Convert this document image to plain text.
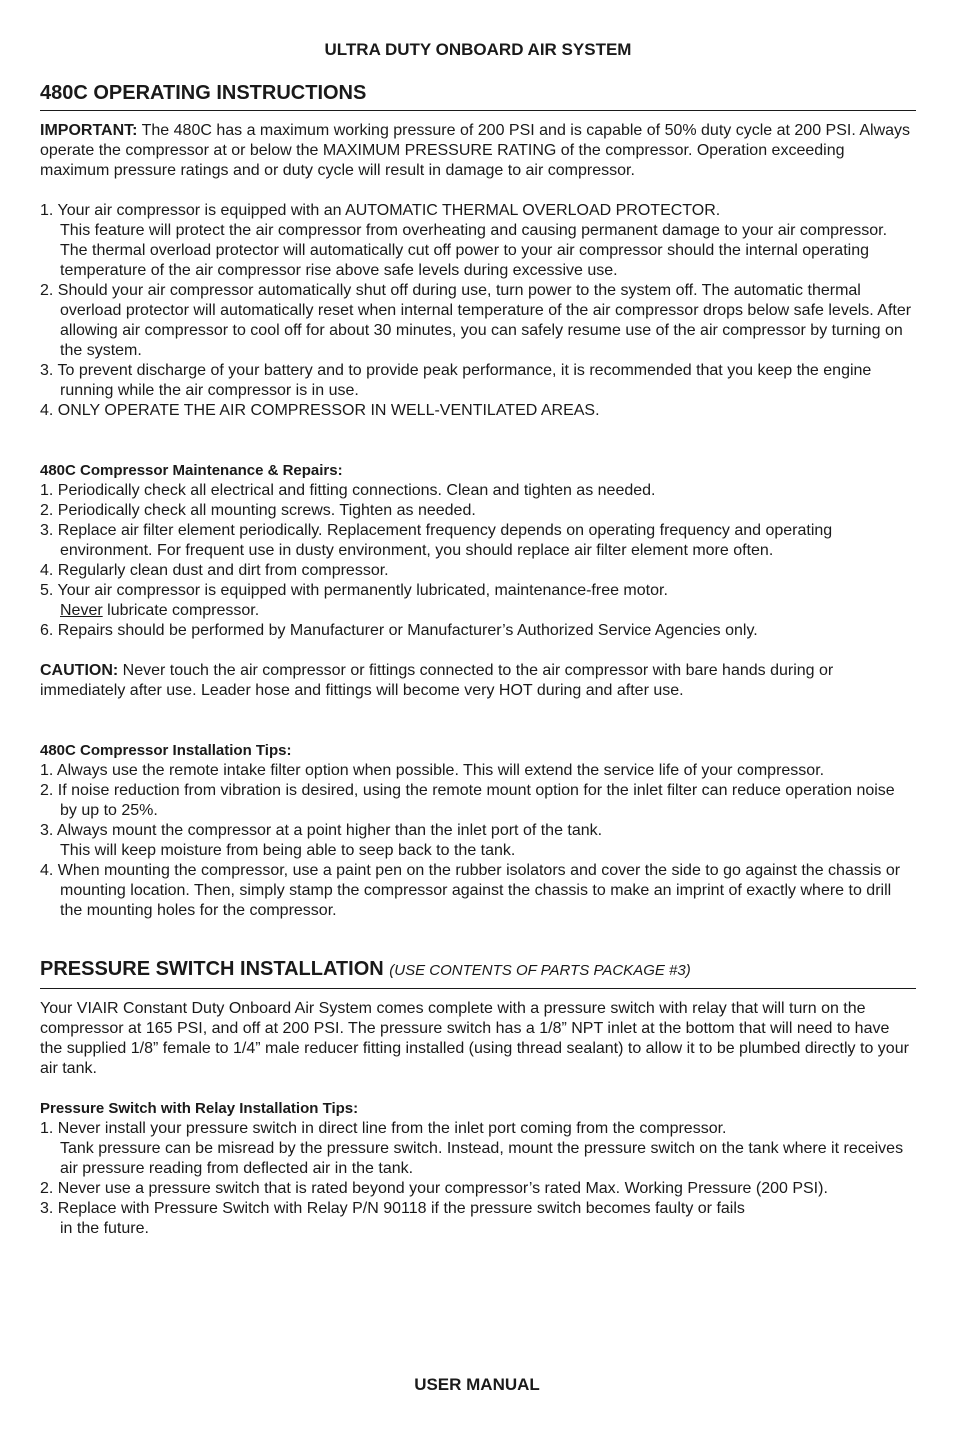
ULTRA DUTY ONBOARD AIR SYSTEM
480C OPERATING INSTRUCTIONS

IMPORTANT: The 480C has a maximum working pressure of 200 PSI and is capable of 50% duty cycle at 200 PSI. Always operate the compressor at or below the MAXIMUM PRESSURE RATING of the compressor. Operation exceeding maximum pressure ratings and or duty cycle will result in damage to air compressor.

1. Your air compressor is equipped with an AUTOMATIC THERMAL OVERLOAD PROTECTOR.
This feature will protect the air compressor from overheating and causing permanent damage to your air compressor. The thermal overload protector will automatically cut off power to your air compressor should the internal operating temperature of the air compressor rise above safe levels during excessive use.
2. Should your air compressor automatically shut off during use, turn power to the system off. The automatic thermal overload protector will automatically reset when internal temperature of the air compressor drops below safe levels. After allowing air compressor to cool off for about 30 minutes, you can safely resume use of the air compressor by turning on the system.
3. To prevent discharge of your battery and to provide peak performance, it is recommended that you keep the engine running while the air compressor is in use.
4. ONLY OPERATE THE AIR COMPRESSOR IN WELL-VENTILATED AREAS.
480C Compressor Maintenance & Repairs:
1. Periodically check all electrical and fitting connections. Clean and tighten as needed.
2. Periodically check all mounting screws. Tighten as needed.
3. Replace air filter element periodically. Replacement frequency depends on operating frequency and operating environment. For frequent use in dusty environment, you should replace air filter element more often.
4. Regularly clean dust and dirt from compressor.
5. Your air compressor is equipped with permanently lubricated, maintenance-free motor.
Never lubricate compressor.
6. Repairs should be performed by Manufacturer or Manufacturer’s Authorized Service Agencies only.

CAUTION: Never touch the air compressor or fittings connected to the air compressor with bare hands during or immediately after use. Leader hose and fittings will become very HOT during and after use.

480C Compressor Installation Tips:
1. Always use the remote intake filter option when possible. This will extend the service life of your compressor.
2. If noise reduction from vibration is desired, using the remote mount option for the inlet filter can reduce operation noise by up to 25%.
3. Always mount the compressor at a point higher than the inlet port of the tank.
This will keep moisture from being able to seep back to the tank.
4. When mounting the compressor, use a paint pen on the rubber isolators and cover the side to go against the chassis or mounting location. Then, simply stamp the compressor against the chassis to make an imprint of exactly where to drill the mounting holes for the compressor.
PRESSURE SWITCH INSTALLATION (USE CONTENTS OF PARTS PACKAGE #3)

Your VIAIR Constant Duty Onboard Air System comes complete with a pressure switch with relay that will turn on the compressor at 165 PSI, and off at 200 PSI. The pressure switch has a 1/8” NPT inlet at the bottom that will need to have the supplied 1/8” female to 1/4” male reducer fitting installed (using thread sealant) to allow it to be plumbed directly to your air tank.

Pressure Switch with Relay Installation Tips:
1. Never install your pressure switch in direct line from the inlet port coming from the compressor.
Tank pressure can be misread by the pressure switch. Instead, mount the pressure switch on the tank where it receives air pressure reading from deflected air in the tank.
2. Never use a pressure switch that is rated beyond your compressor’s rated Max. Working Pressure (200 PSI).
3. Replace with Pressure Switch with Relay P/N 90118 if the pressure switch becomes faulty or fails
in the future.
USER MANUAL
